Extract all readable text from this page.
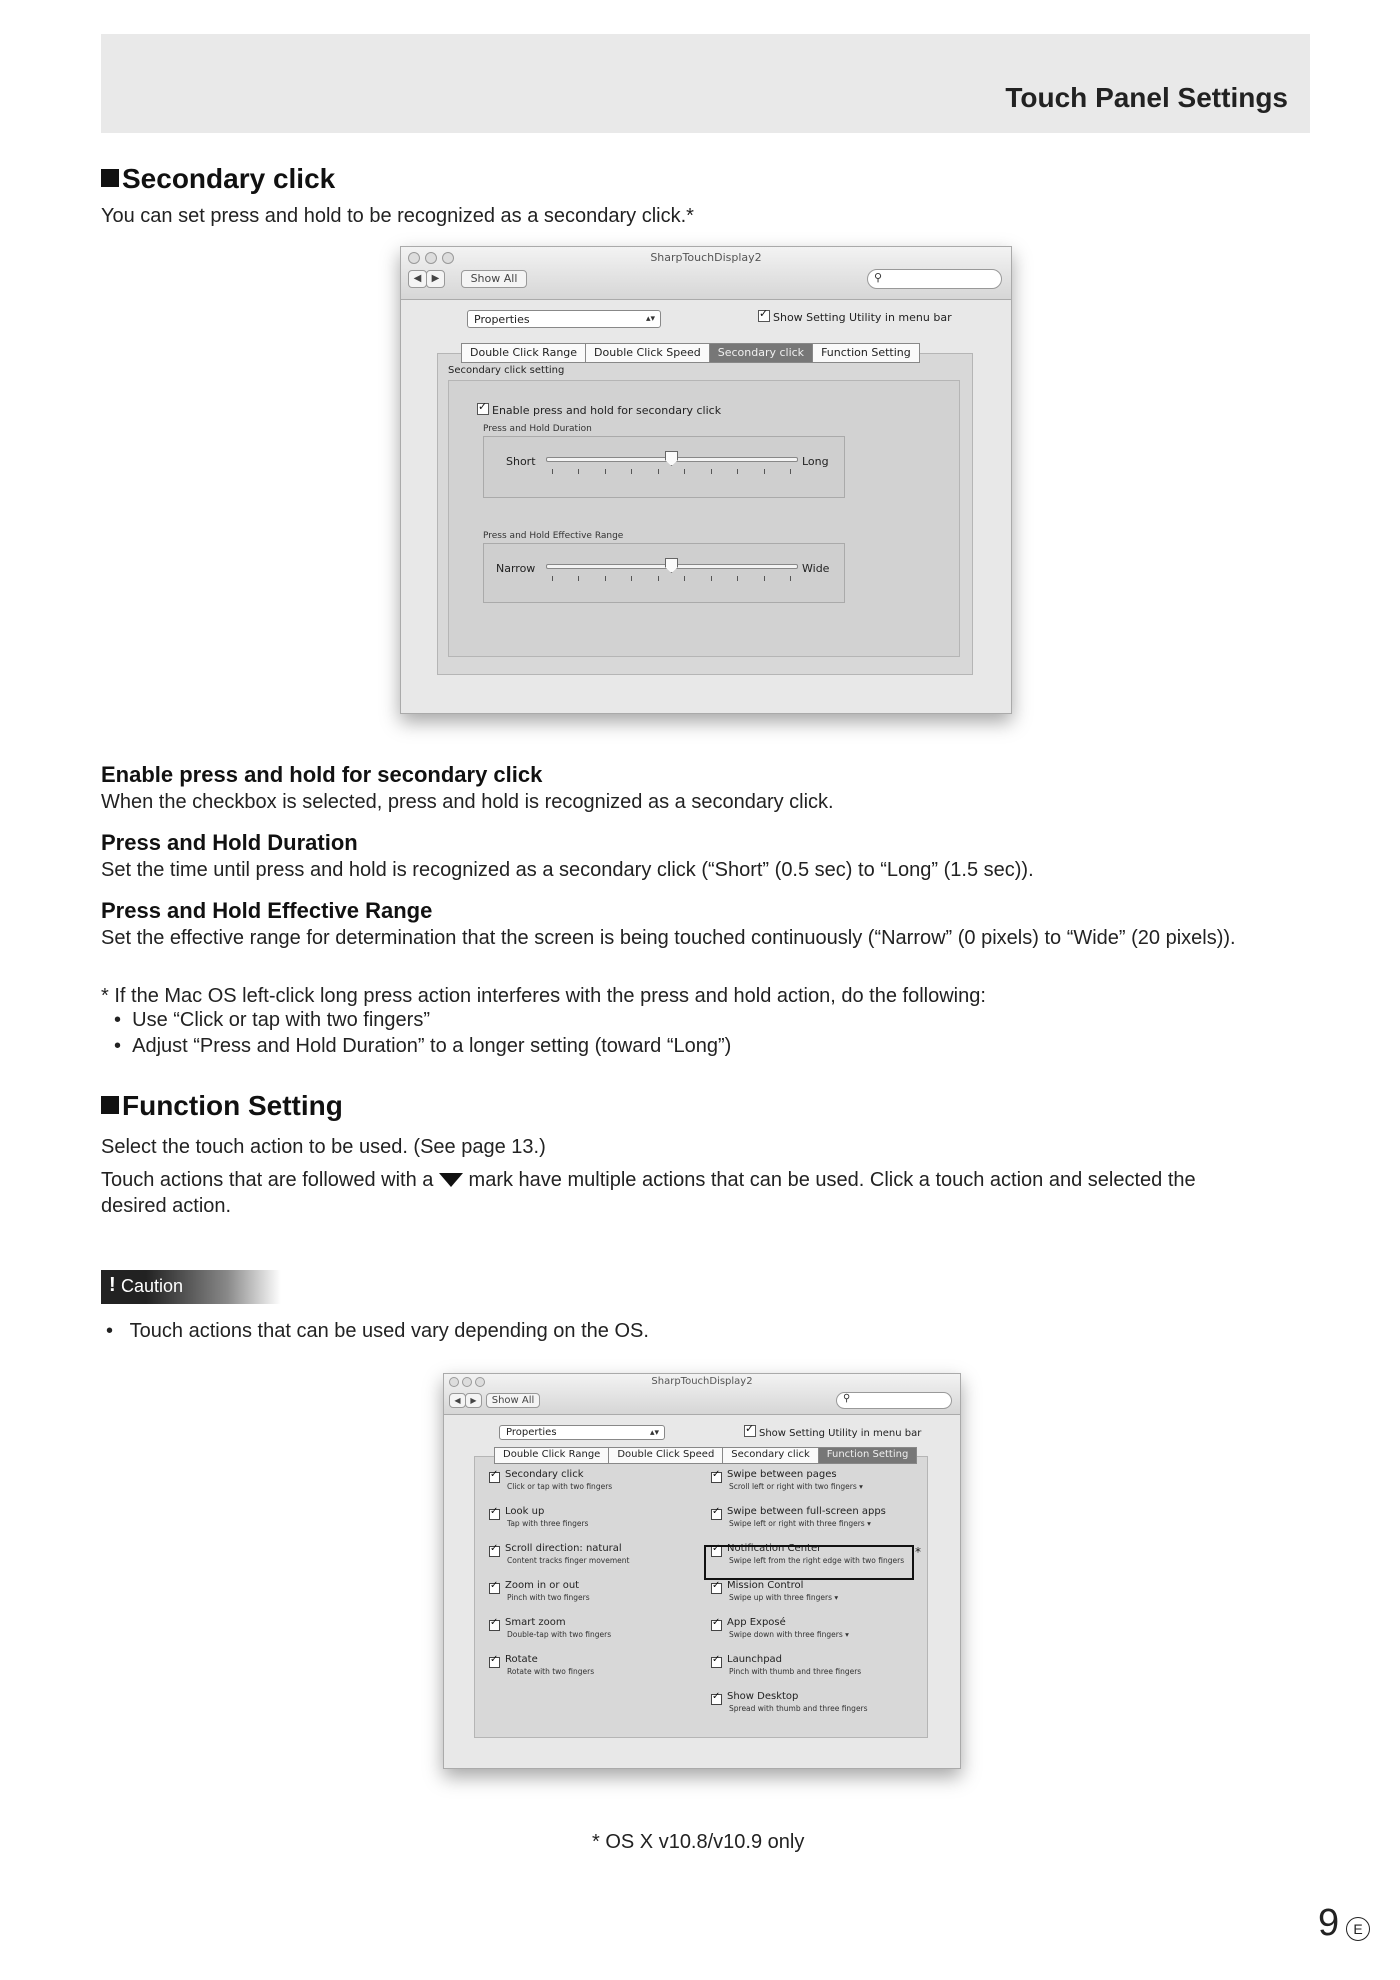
Touch Panel Settings
Secondary click
You can set press and hold to be recognized as a secondary click.*
SharpTouchDisplay2
◀	▶	Show All	⚲
Properties	▴▾ ✓	Show Setting Utility in menu bar
Secondary click setting
✓Enable press and hold for secondary click
Press and Hold Duration
Short	Long
Press and Hold Effective Range
Narrow	Wide
Double Click Range	Double Click Speed	Secondary click	Function Setting
Enable press and hold for secondary click
When the checkbox is selected, press and hold is recognized as a secondary click.
Press and Hold Duration
Set the time until press and hold is recognized as a secondary click (“Short” (0.5 sec) to “Long” (1.5 sec)).
Press and Hold Effective Range
Set the effective range for determination that the screen is being touched continuously (“Narrow” (0 pixels) to “Wide” (20 pixels)).
* If the Mac OS left-click long press action interferes with the press and hold action, do the following:
•  Use “Click or tap with two fingers”
•  Adjust “Press and Hold Duration” to a longer setting (toward “Long”)
Function Setting
Select the touch action to be used. (See page 13.)
Touch actions that are followed with a mark have multiple actions that can be used. Click a touch action and selected the
desired action.
! Caution
•   Touch actions that can be used vary depending on the OS.
SharpTouchDisplay2
◀	▶	Show All	⚲
Properties	▴▾ ✓	Show Setting Utility in menu bar
✓
Secondary click
Click or tap with two fingers
✓
Look up
Tap with three fingers
✓
Scroll direction: natural
Content tracks finger movement
✓
Zoom in or out
Pinch with two fingers
✓
Smart zoom
Double-tap with two fingers
✓
Rotate
Rotate with two fingers
✓
Swipe between pages
Scroll left or right with two fingers ▾
✓
Swipe between full-screen apps
Swipe left or right with three fingers ▾
✓
Notification Center
Swipe left from the right edge with two fingers
✓
Mission Control
Swipe up with three fingers ▾
✓
App Exposé
Swipe down with three fingers ▾
✓
Launchpad
Pinch with thumb and three fingers
✓
Show Desktop
Spread with thumb and three fingers
*
Double Click Range	Double Click Speed	Secondary click	Function Setting
* OS X v10.8/v10.9 only
9	E
